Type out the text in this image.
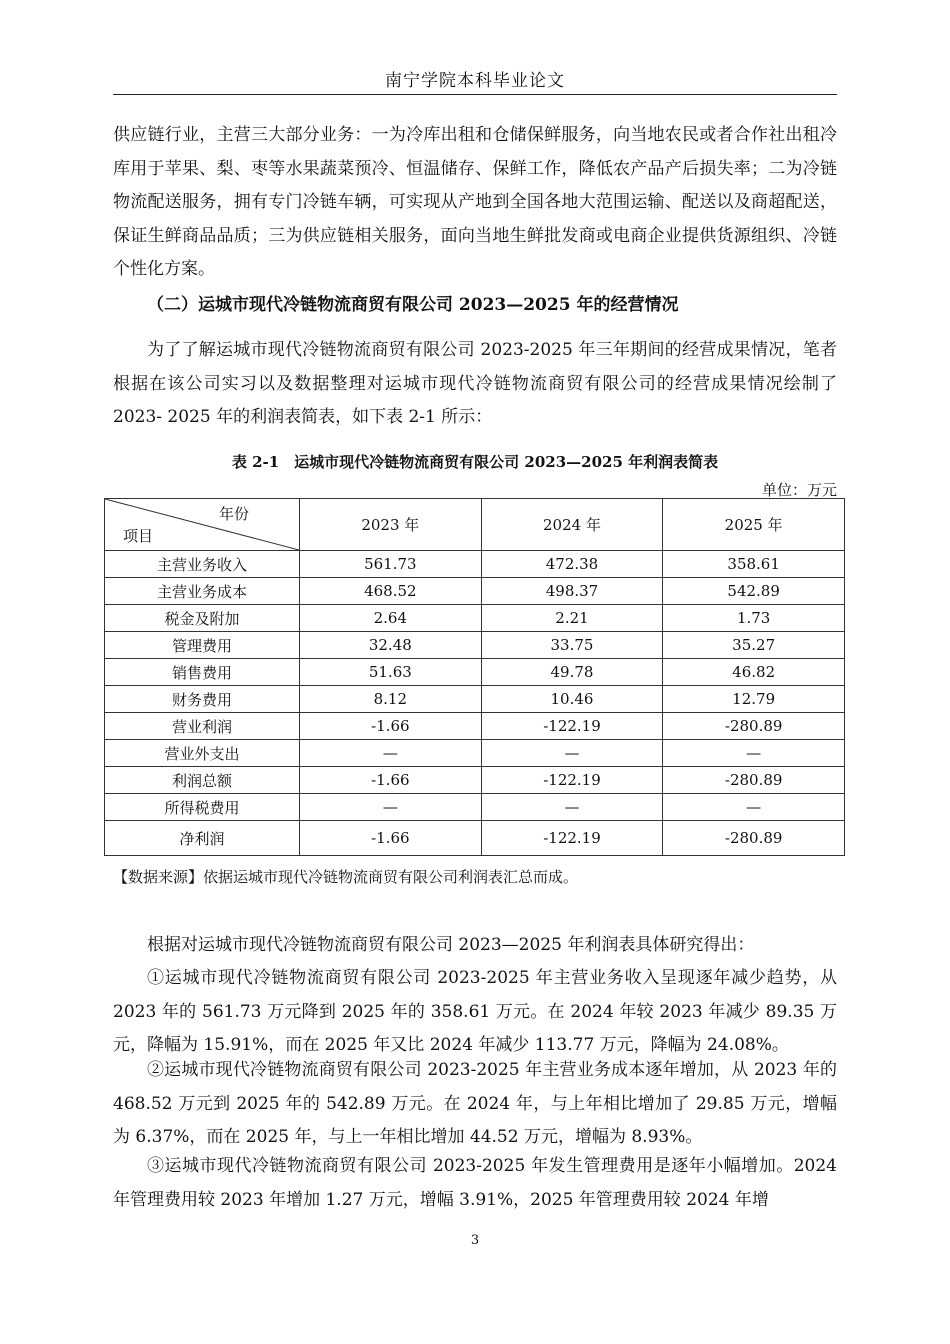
南宁学院本科毕业论文

供应链行业，主营三大部分业务：一为冷库出租和仓储保鲜服务，向当地农民或者合作社出租冷库用于苹果、梨、枣等水果蔬菜预冷、恒温储存、保鲜工作，降低农产品产后损失率；二为冷链物流配送服务，拥有专门冷链车辆，可实现从产地到全国各地大范围运输、配送以及商超配送，保证生鲜商品品质；三为供应链相关服务，面向当地生鲜批发商或电商企业提供货源组织、冷链个性化方案。

（二）运城市现代冷链物流商贸有限公司 2023—2025 年的经营情况

为了了解运城市现代冷链物流商贸有限公司 2023-2025 年三年期间的经营成果情况，笔者根据在该公司实习以及数据整理对运城市现代冷链物流商贸有限公司的经营成果情况绘制了 2023- 2025 年的利润表简表，如下表 2-1 所示：

表 2-1　运城市现代冷链物流商贸有限公司 2023—2025 年利润表简表
单位：万元
年份
项目	2023 年	2024 年	2025 年
主营业务收入	561.73	472.38	358.61
主营业务成本	468.52	498.37	542.89
税金及附加	2.64	2.21	1.73
管理费用	32.48	33.75	35.27
销售费用	51.63	49.78	46.82
财务费用	8.12	10.46	12.79
营业利润	-1.66	-122.19	-280.89
营业外支出	—	—	—
利润总额	-1.66	-122.19	-280.89
所得税费用	—	—	—
净利润	-1.66	-122.19	-280.89
【数据来源】依据运城市现代冷链物流商贸有限公司利润表汇总而成。

根据对运城市现代冷链物流商贸有限公司 2023—2025 年利润表具体研究得出：

①运城市现代冷链物流商贸有限公司 2023-2025 年主营业务收入呈现逐年减少趋势，从 2023 年的 561.73 万元降到 2025 年的 358.61 万元。在 2024 年较 2023 年减少 89.35 万元，降幅为 15.91%，而在 2025 年又比 2024 年减少 113.77 万元，降幅为 24.08%。

②运城市现代冷链物流商贸有限公司 2023-2025 年主营业务成本逐年增加，从 2023 年的 468.52 万元到 2025 年的 542.89 万元。在 2024 年，与上年相比增加了 29.85 万元，增幅为 6.37%，而在 2025 年，与上一年相比增加 44.52 万元，增幅为 8.93%。

③运城市现代冷链物流商贸有限公司 2023-2025 年发生管理费用是逐年小幅增加。2024 年管理费用较 2023 年增加 1.27 万元，增幅 3.91%，2025 年管理费用较 2024 年增

3
